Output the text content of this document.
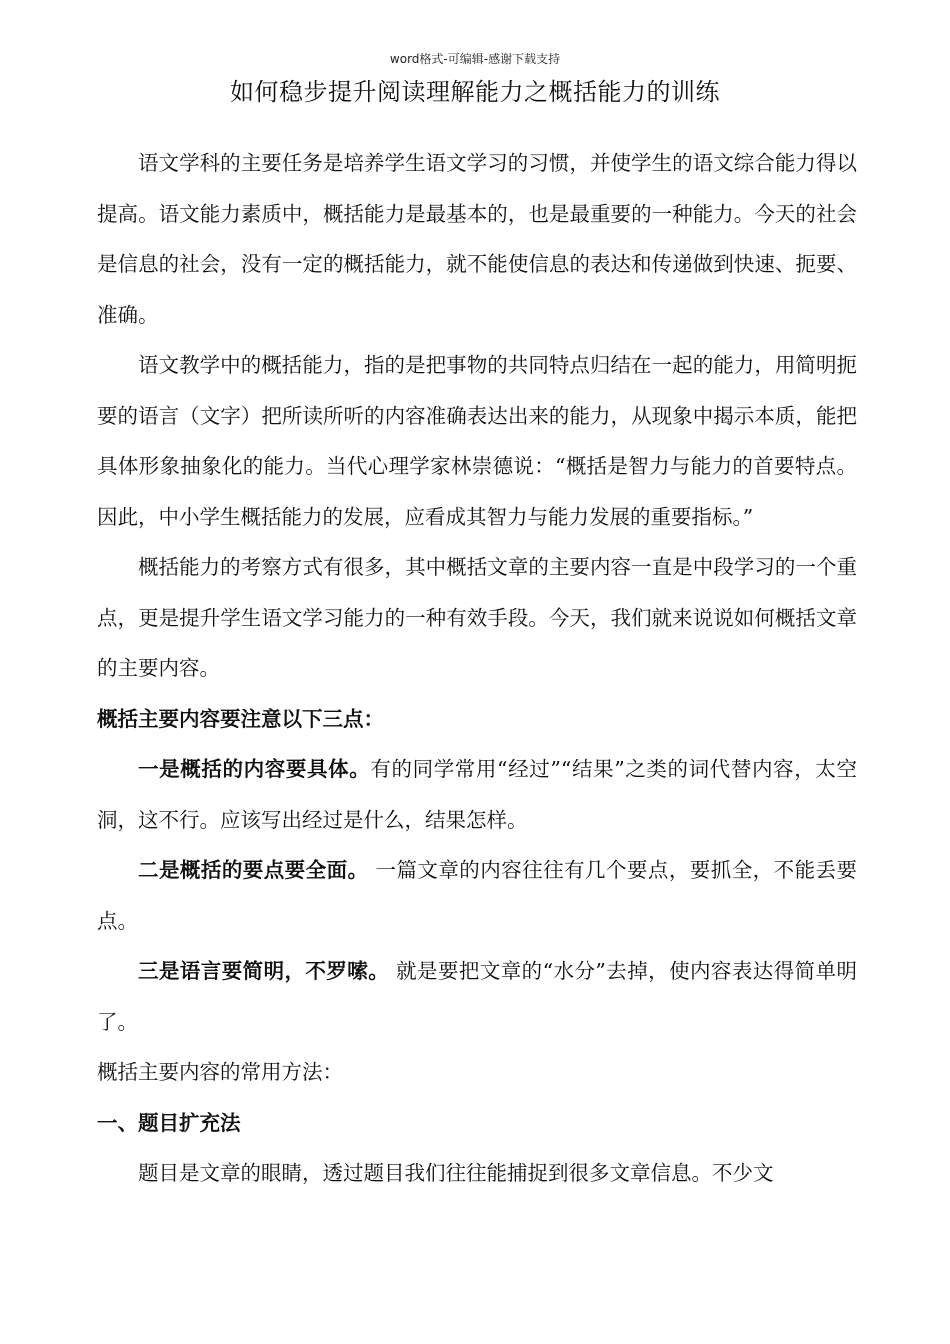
word格式-可编辑-感谢下载支持
如何稳步提升阅读理解能力之概括能力的训练

语文学科的主要任务是培养学生语文学习的习惯，并使学生的语文综合能力得以提高。语文能力素质中，概括能力是最基本的，也是最重要的一种能力。今天的社会是信息的社会，没有一定的概括能力，就不能使信息的表达和传递做到快速、扼要、准确。

语文教学中的概括能力，指的是把事物的共同特点归结在一起的能力，用简明扼要的语言（文字）把所读所听的内容准确表达出来的能力，从现象中揭示本质，能把具体形象抽象化的能力。当代心理学家林崇德说：“概括是智力与能力的首要特点。因此，中小学生概括能力的发展，应看成其智力与能力发展的重要指标。”

概括能力的考察方式有很多，其中概括文章的主要内容一直是中段学习的一个重点，更是提升学生语文学习能力的一种有效手段。今天，我们就来说说如何概括文章的主要内容。

概括主要内容要注意以下三点：

一是概括的内容要具体。有的同学常用“经过”“结果”之类的词代替内容，太空洞，这不行。应该写出经过是什么，结果怎样。

二是概括的要点要全面。 一篇文章的内容往往有几个要点，要抓全，不能丢要点。

三是语言要简明，不罗嗦。 就是要把文章的“水分”去掉，使内容表达得简单明了。

概括主要内容的常用方法：

一、题目扩充法

题目是文章的眼睛，透过题目我们往往能捕捉到很多文章信息。不少文
